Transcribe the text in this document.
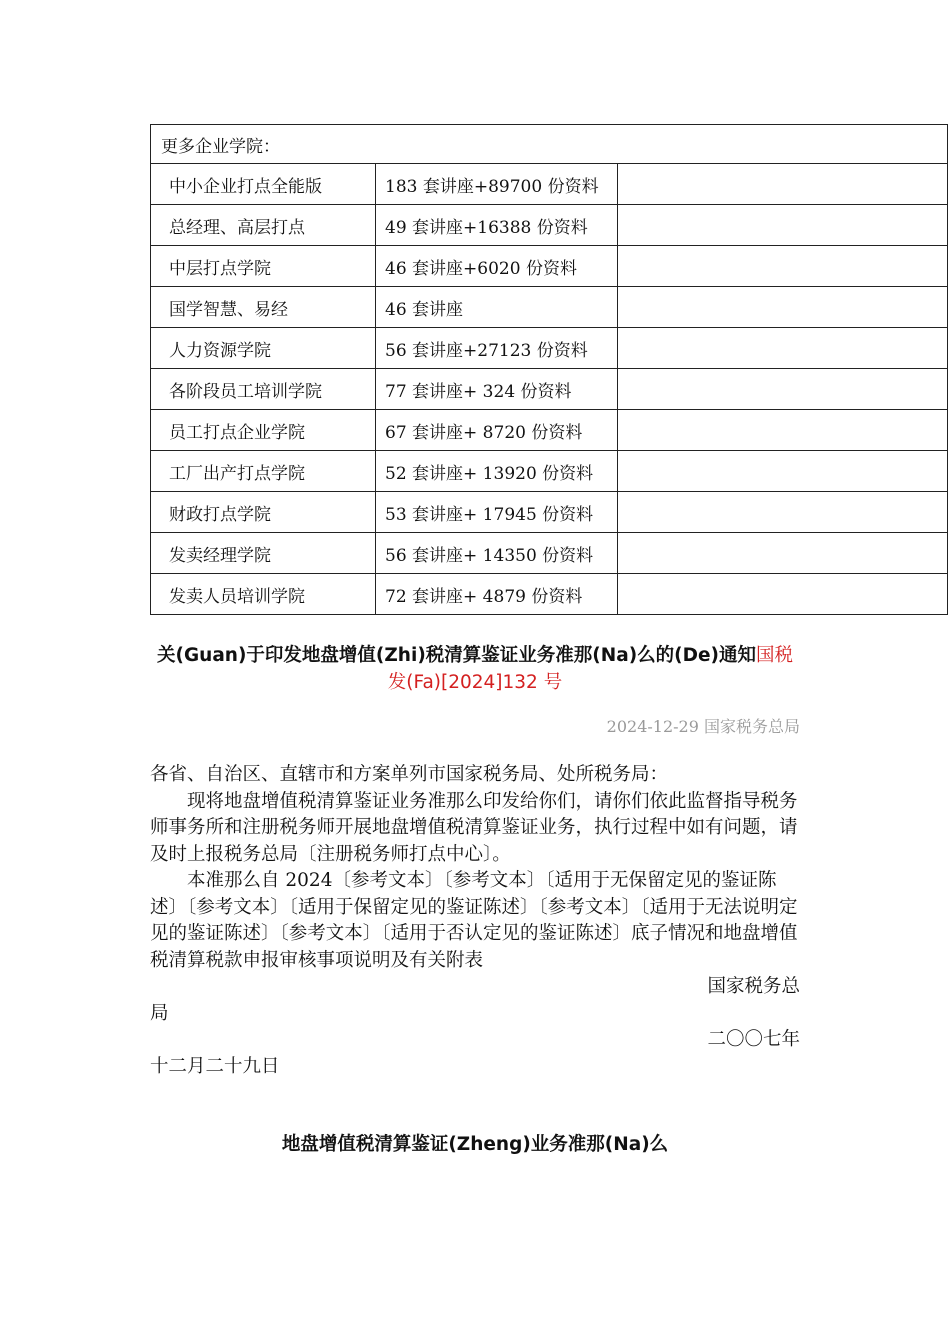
更多企业学院：		
中小企业打点全能版	183 套讲座+89700 份资料	
总经理、高层打点	49 套讲座+16388 份资料	
中层打点学院	46 套讲座+6020 份资料	
国学智慧、易经	46 套讲座	
人力资源学院	56 套讲座+27123 份资料	
各阶段员工培训学院	77 套讲座+ 324 份资料	
员工打点企业学院	67 套讲座+ 8720 份资料	
工厂出产打点学院	52 套讲座+ 13920 份资料	
财政打点学院	53 套讲座+ 17945 份资料	
发卖经理学院	56 套讲座+ 14350 份资料	
发卖人员培训学院	72 套讲座+ 4879 份资料	
关(Guan)于印发地盘增值(Zhi)税清算鉴证业务准那(Na)么的(De)通知国税发(Fa)[2024]132 号
2024-12-29 国家税务总局

各省、自治区、直辖市和方案单列市国家税务局、处所税务局：

现将地盘增值税清算鉴证业务准那么印发给你们，请你们依此监督指导税务师事务所和注册税务师开展地盘增值税清算鉴证业务，执行过程中如有问题，请及时上报税务总局〔注册税务师打点中心〕。

本准那么自 2024〔参考文本〕〔参考文本〕〔适用于无保留定见的鉴证陈述〕〔参考文本〕〔适用于保留定见的鉴证陈述〕〔参考文本〕〔适用于无法说明定见的鉴证陈述〕〔参考文本〕〔适用于否认定见的鉴证陈述〕底子情况和地盘增值税清算税款申报审核事项说明及有关附表

国家税务总

局

二〇〇七年

十二月二十九日

地盘增值税清算鉴证(Zheng)业务准那(Na)么
